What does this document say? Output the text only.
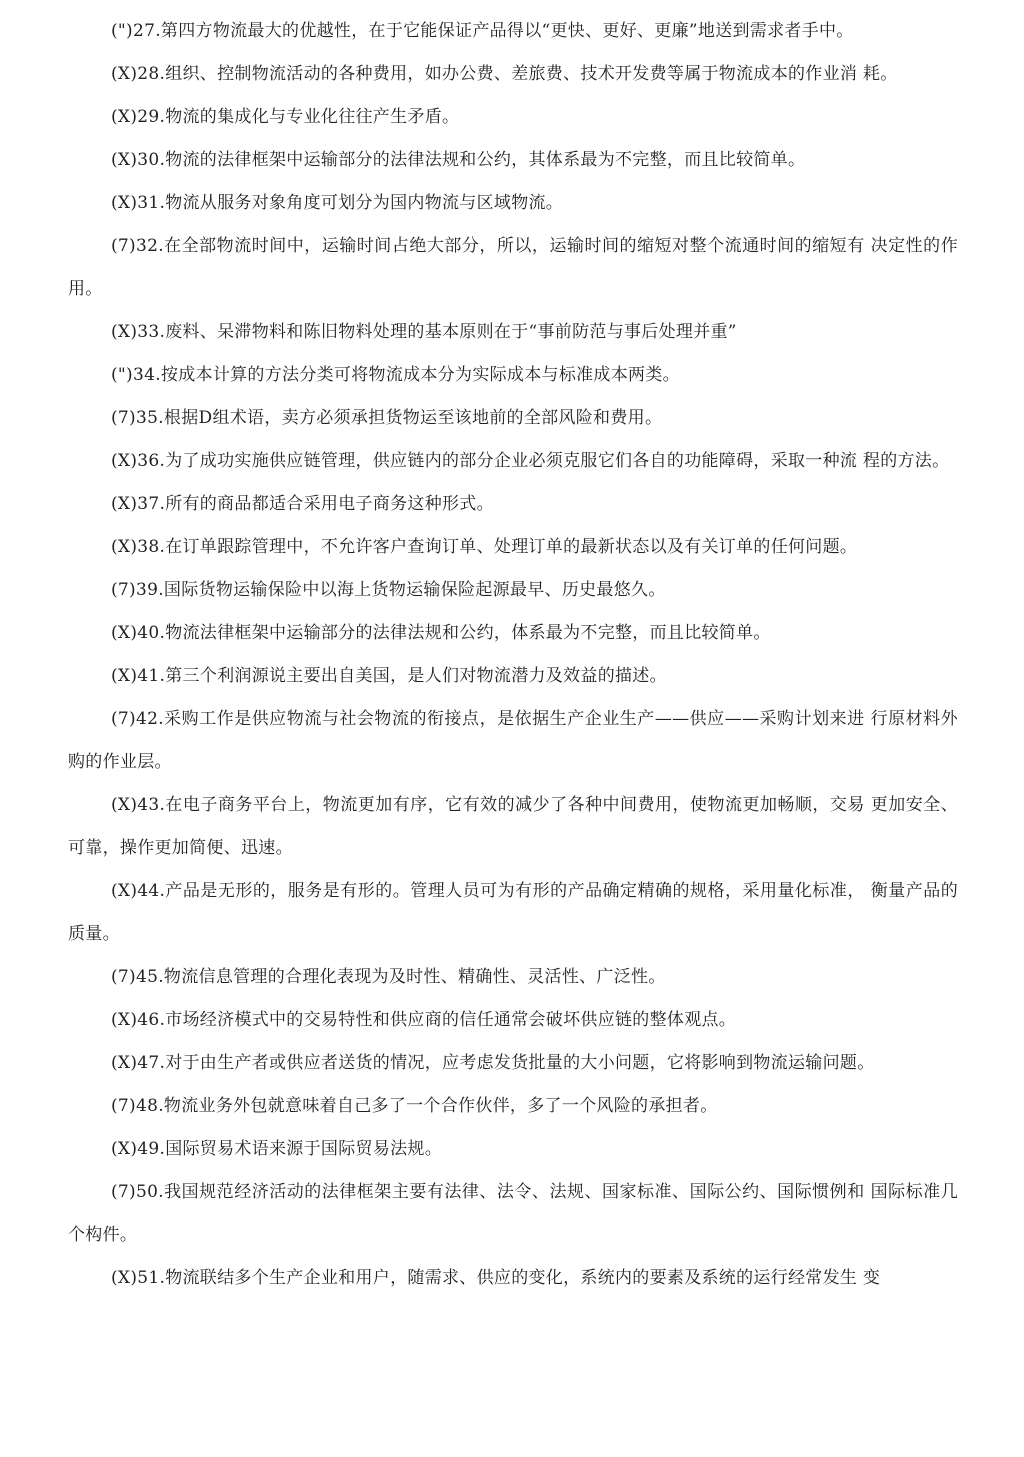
(")27.第四方物流最大的优越性，在于它能保证产品得以“更快、更好、更廉”地送到需求者手中。

(X)28.组织、控制物流活动的各种费用，如办公费、差旅费、技术开发费等属于物流成本的作业消 耗。

(X)29.物流的集成化与专业化往往产生矛盾。

(X)30.物流的法律框架中运输部分的法律法规和公约，其体系最为不完整，而且比较简单。

(X)31.物流从服务对象角度可划分为国内物流与区域物流。

(7)32.在全部物流时间中，运输时间占绝大部分，所以，运输时间的缩短对整个流通时间的缩短有 决定性的作用。

(X)33.废料、呆滞物料和陈旧物料处理的基本原则在于“事前防范与事后处理并重”

(")34.按成本计算的方法分类可将物流成本分为实际成本与标准成本两类。

(7)35.根据D组术语，卖方必须承担货物运至该地前的全部风险和费用。

(X)36.为了成功实施供应链管理，供应链内的部分企业必须克服它们各自的功能障碍，采取一种流 程的方法。

(X)37.所有的商品都适合采用电子商务这种形式。

(X)38.在订单跟踪管理中，不允许客户查询订单、处理订单的最新状态以及有关订单的任何问题。

(7)39.国际货物运输保险中以海上货物运输保险起源最早、历史最悠久。

(X)40.物流法律框架中运输部分的法律法规和公约，体系最为不完整，而且比较简单。

(X)41.第三个利润源说主要出自美国，是人们对物流潜力及效益的描述。

(7)42.采购工作是供应物流与社会物流的衔接点，是依据生产企业生产——供应——采购计划来进 行原材料外购的作业层。

(X)43.在电子商务平台上，物流更加有序，它有效的减少了各种中间费用，使物流更加畅顺，交易 更加安全、可靠，操作更加简便、迅速。

(X)44.产品是无形的，服务是有形的。管理人员可为有形的产品确定精确的规格，采用量化标准， 衡量产品的质量。

(7)45.物流信息管理的合理化表现为及时性、精确性、灵活性、广泛性。

(X)46.市场经济模式中的交易特性和供应商的信任通常会破坏供应链的整体观点。

(X)47.对于由生产者或供应者送货的情况，应考虑发货批量的大小问题，它将影响到物流运输问题。

(7)48.物流业务外包就意味着自己多了一个合作伙伴，多了一个风险的承担者。

(X)49.国际贸易术语来源于国际贸易法规。

(7)50.我国规范经济活动的法律框架主要有法律、法令、法规、国家标准、国际公约、国际惯例和 国际标准几个构件。

(X)51.物流联结多个生产企业和用户，随需求、供应的变化，系统内的要素及系统的运行经常发生 变
